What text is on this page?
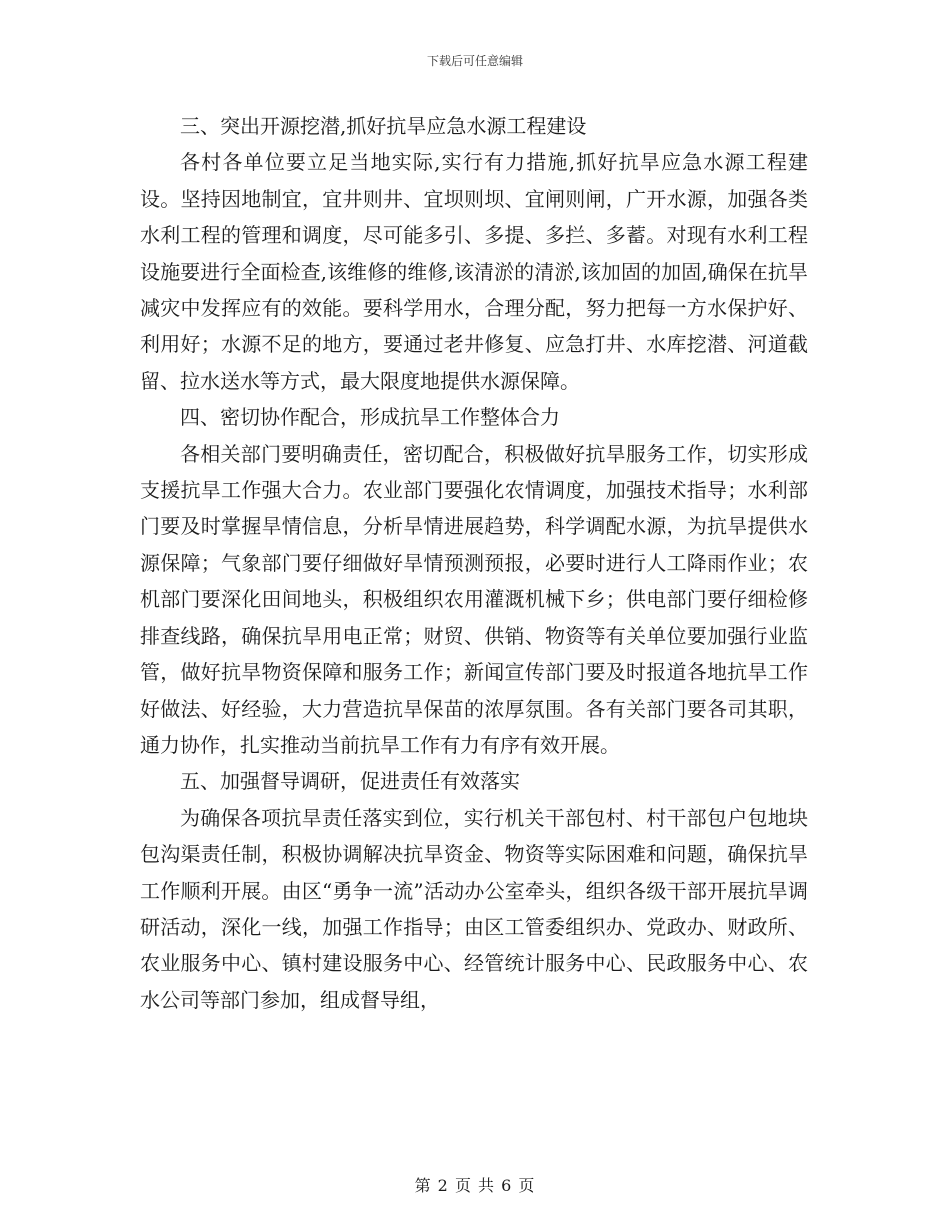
下载后可任意编辑

三、突出开源挖潜,抓好抗旱应急水源工程建设

各村各单位要立足当地实际,实行有力措施,抓好抗旱应急水源工程建设。坚持因地制宜，宜井则井、宜坝则坝、宜闸则闸，广开水源，加强各类水利工程的管理和调度，尽可能多引、多提、多拦、多蓄。对现有水利工程设施要进行全面检查,该维修的维修,该清淤的清淤,该加固的加固,确保在抗旱减灾中发挥应有的效能。要科学用水，合理分配，努力把每一方水保护好、利用好；水源不足的地方，要通过老井修复、应急打井、水库挖潜、河道截留、拉水送水等方式，最大限度地提供水源保障。

四、密切协作配合，形成抗旱工作整体合力

各相关部门要明确责任，密切配合，积极做好抗旱服务工作，切实形成支援抗旱工作强大合力。农业部门要强化农情调度，加强技术指导；水利部门要及时掌握旱情信息，分析旱情进展趋势，科学调配水源，为抗旱提供水源保障；气象部门要仔细做好旱情预测预报，必要时进行人工降雨作业；农机部门要深化田间地头，积极组织农用灌溉机械下乡；供电部门要仔细检修排查线路，确保抗旱用电正常；财贸、供销、物资等有关单位要加强行业监管，做好抗旱物资保障和服务工作；新闻宣传部门要及时报道各地抗旱工作好做法、好经验，大力营造抗旱保苗的浓厚氛围。各有关部门要各司其职，通力协作，扎实推动当前抗旱工作有力有序有效开展。

五、加强督导调研，促进责任有效落实

为确保各项抗旱责任落实到位，实行机关干部包村、村干部包户包地块包沟渠责任制，积极协调解决抗旱资金、物资等实际困难和问题，确保抗旱工作顺利开展。由区“勇争一流”活动办公室牵头，组织各级干部开展抗旱调研活动，深化一线，加强工作指导；由区工管委组织办、党政办、财政所、农业服务中心、镇村建设服务中心、经管统计服务中心、民政服务中心、农水公司等部门参加，组成督导组，

第 2 页 共 6 页
